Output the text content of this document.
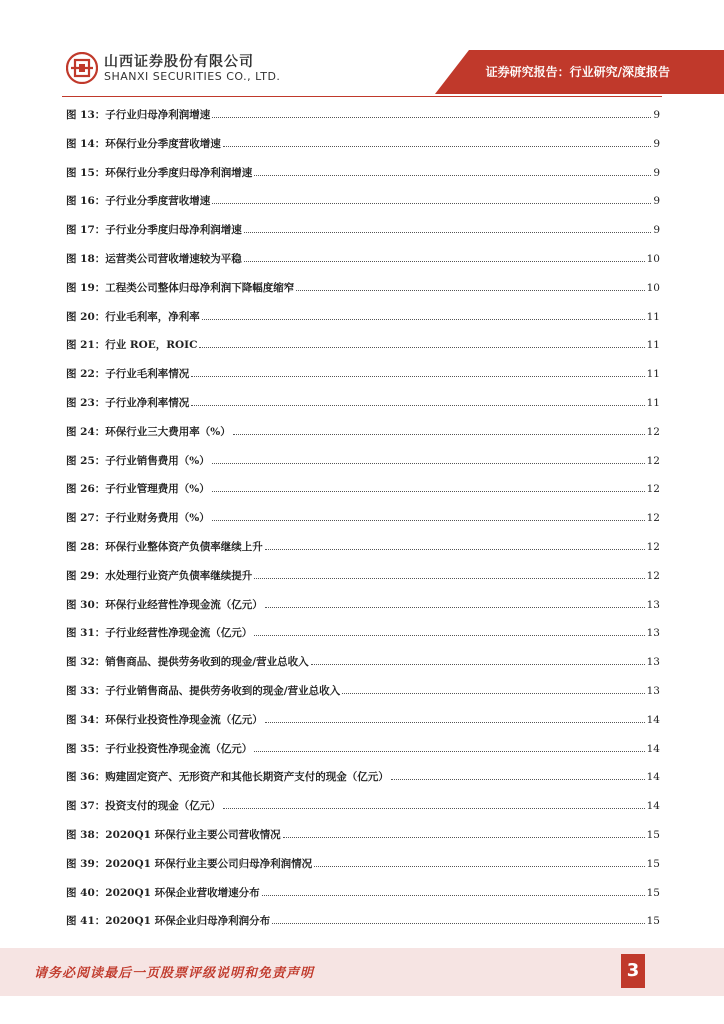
山西证券股份有限公司
SHANXI SECURITIES CO., LTD.	证券研究报告：行业研究/深度报告
图 13：子行业归母净利润增速	9
图 14：环保行业分季度营收增速	9
图 15：环保行业分季度归母净利润增速	9
图 16：子行业分季度营收增速	9
图 17：子行业分季度归母净利润增速	9
图 18：运营类公司营收增速较为平稳	10
图 19：工程类公司整体归母净利润下降幅度缩窄	10
图 20：行业毛利率，净利率	11
图 21：行业 ROE，ROIC	11
图 22：子行业毛利率情况	11
图 23：子行业净利率情况	11
图 24：环保行业三大费用率（%）	12
图 25：子行业销售费用（%）	12
图 26：子行业管理费用（%）	12
图 27：子行业财务费用（%）	12
图 28：环保行业整体资产负债率继续上升	12
图 29：水处理行业资产负债率继续提升	12
图 30：环保行业经营性净现金流（亿元）	13
图 31：子行业经营性净现金流（亿元）	13
图 32：销售商品、提供劳务收到的现金/营业总收入	13
图 33：子行业销售商品、提供劳务收到的现金/营业总收入	13
图 34：环保行业投资性净现金流（亿元）	14
图 35：子行业投资性净现金流（亿元）	14
图 36：购建固定资产、无形资产和其他长期资产支付的现金（亿元）	14
图 37：投资支付的现金（亿元）	14
图 38：2020Q1 环保行业主要公司营收情况	15
图 39：2020Q1 环保行业主要公司归母净利润情况	15
图 40：2020Q1 环保企业营收增速分布	15
图 41：2020Q1 环保企业归母净利润分布	15
请务必阅读最后一页股票评级说明和免责声明	3
